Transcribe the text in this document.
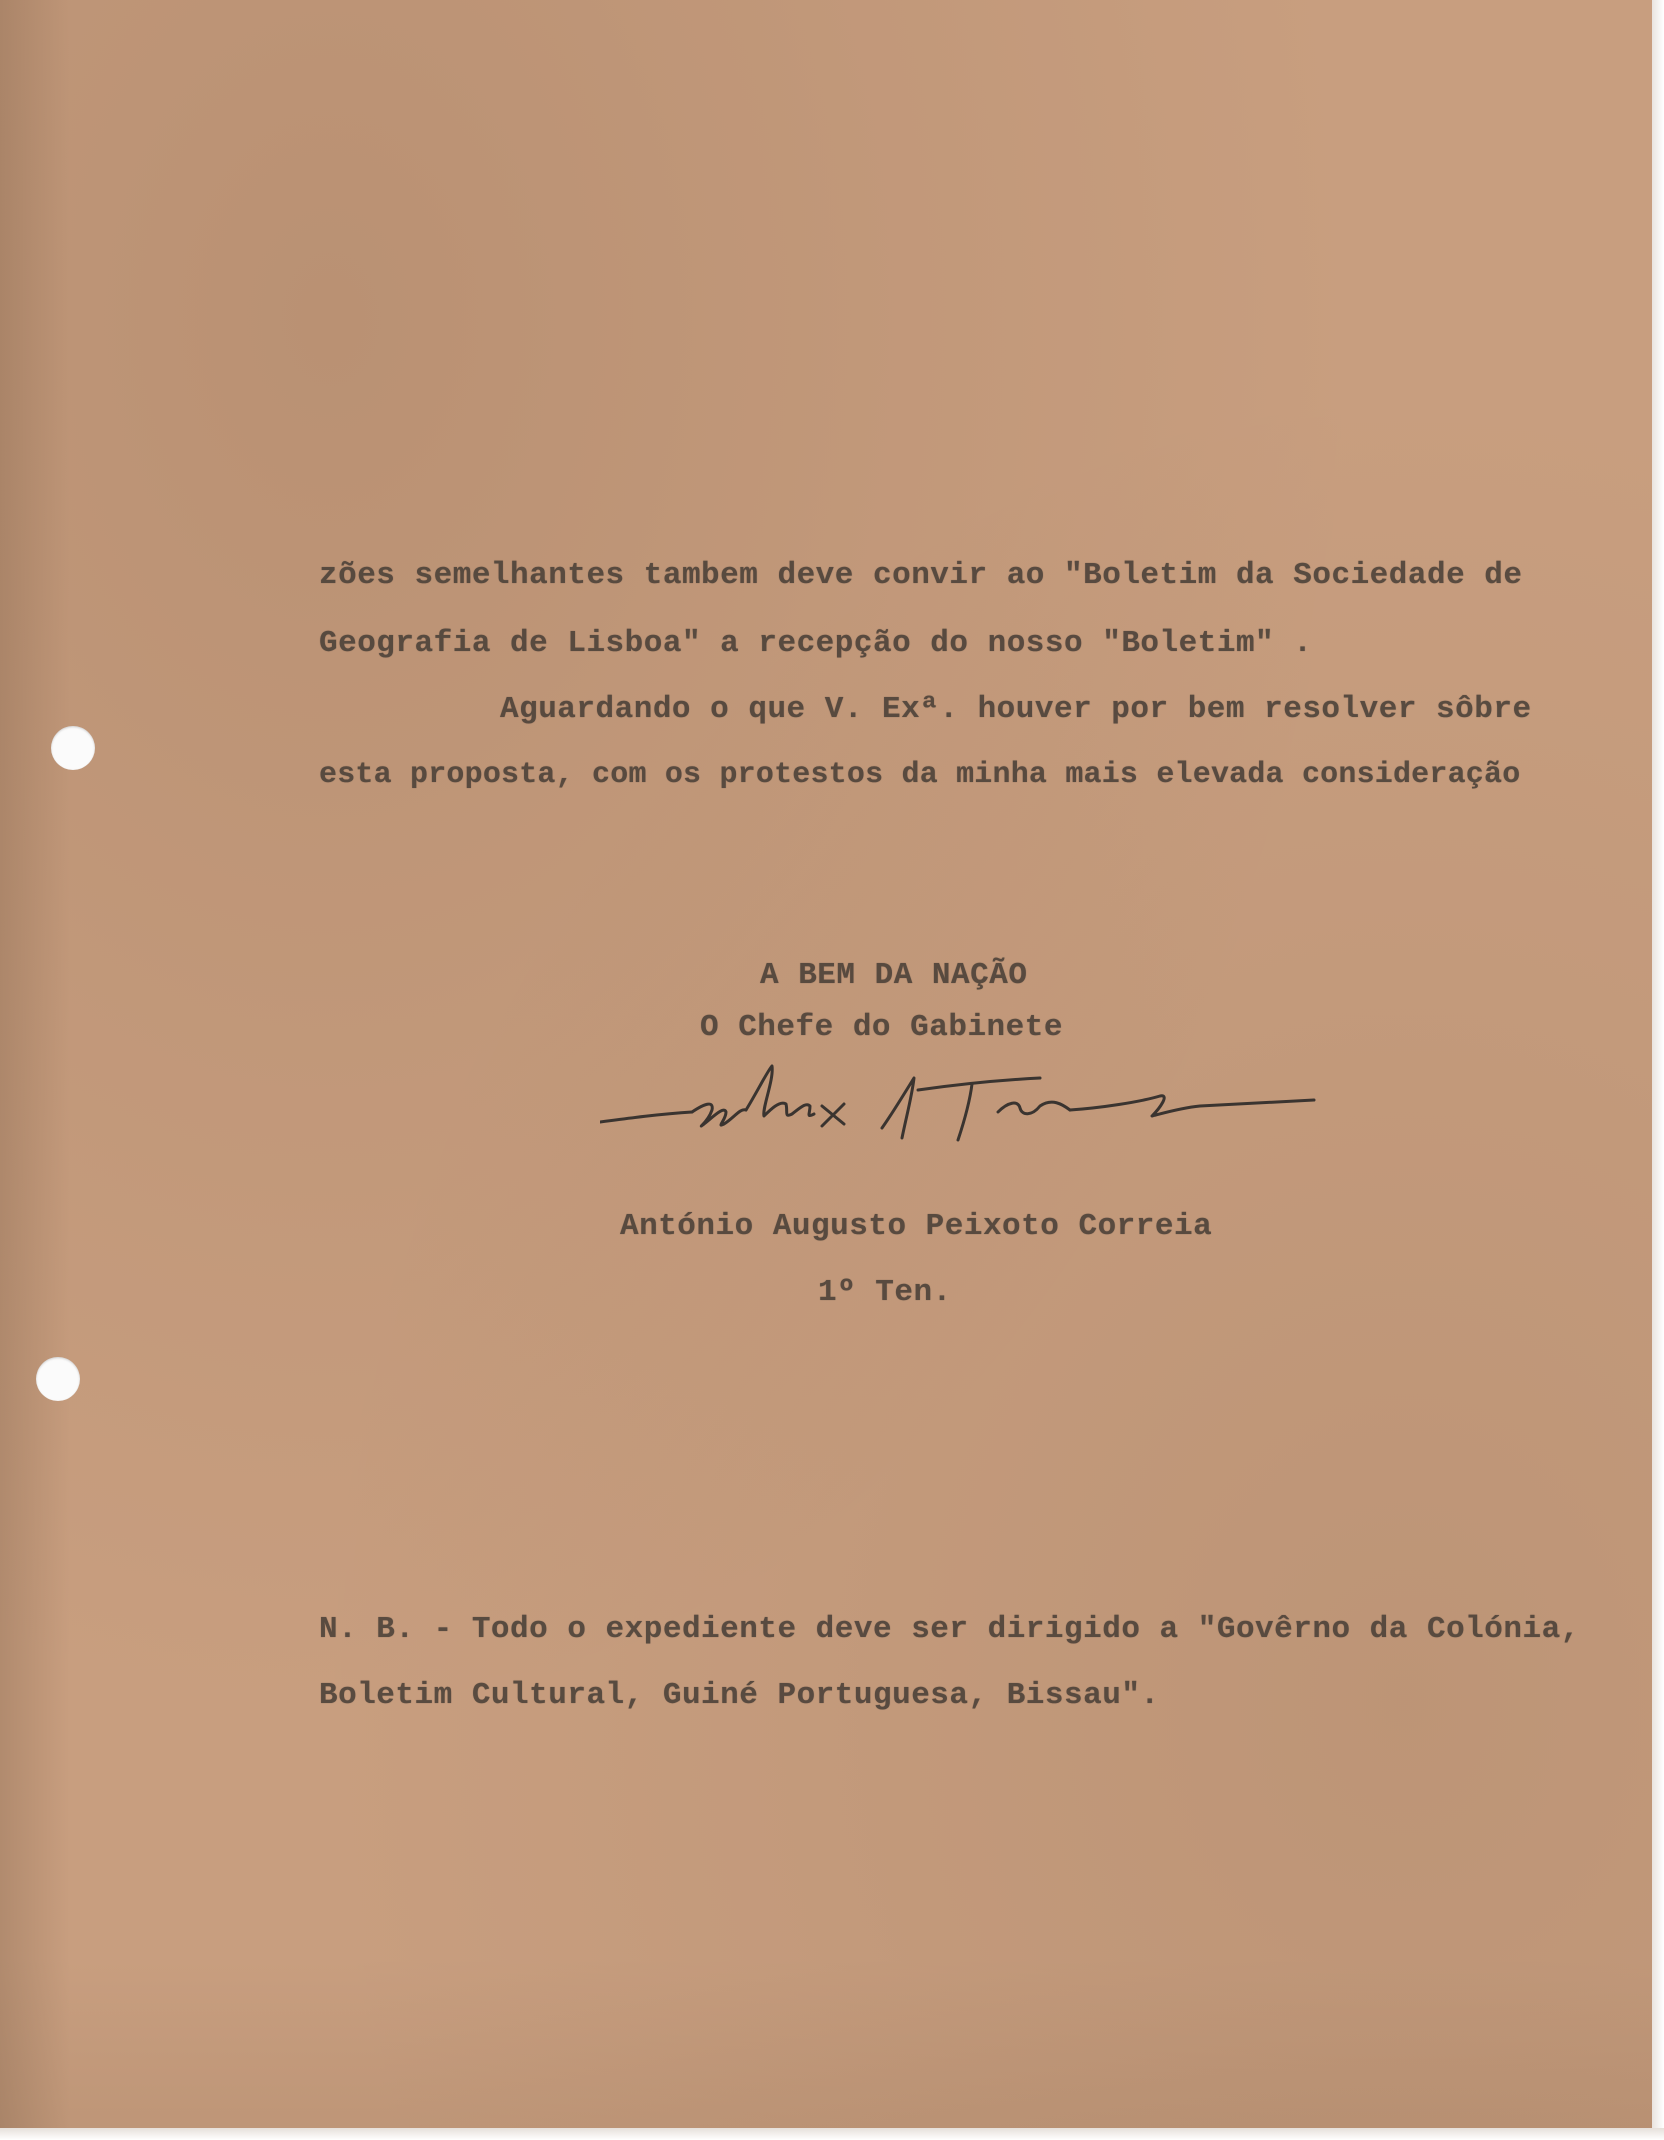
zões semelhantes tambem deve convir ao "Boletim da Sociedade de
Geografia de Lisboa" a recepção do nosso "Boletim" .
Aguardando o que V. Exª. houver por bem resolver sôbre
esta proposta, com os protestos da minha mais elevada consideração
A BEM DA NAÇÃO
O Chefe do Gabinete
António Augusto Peixoto Correia
1º Ten.
N. B. - Todo o expediente deve ser dirigido a "Govêrno da Colónia,
Boletim Cultural, Guiné Portuguesa, Bissau".
